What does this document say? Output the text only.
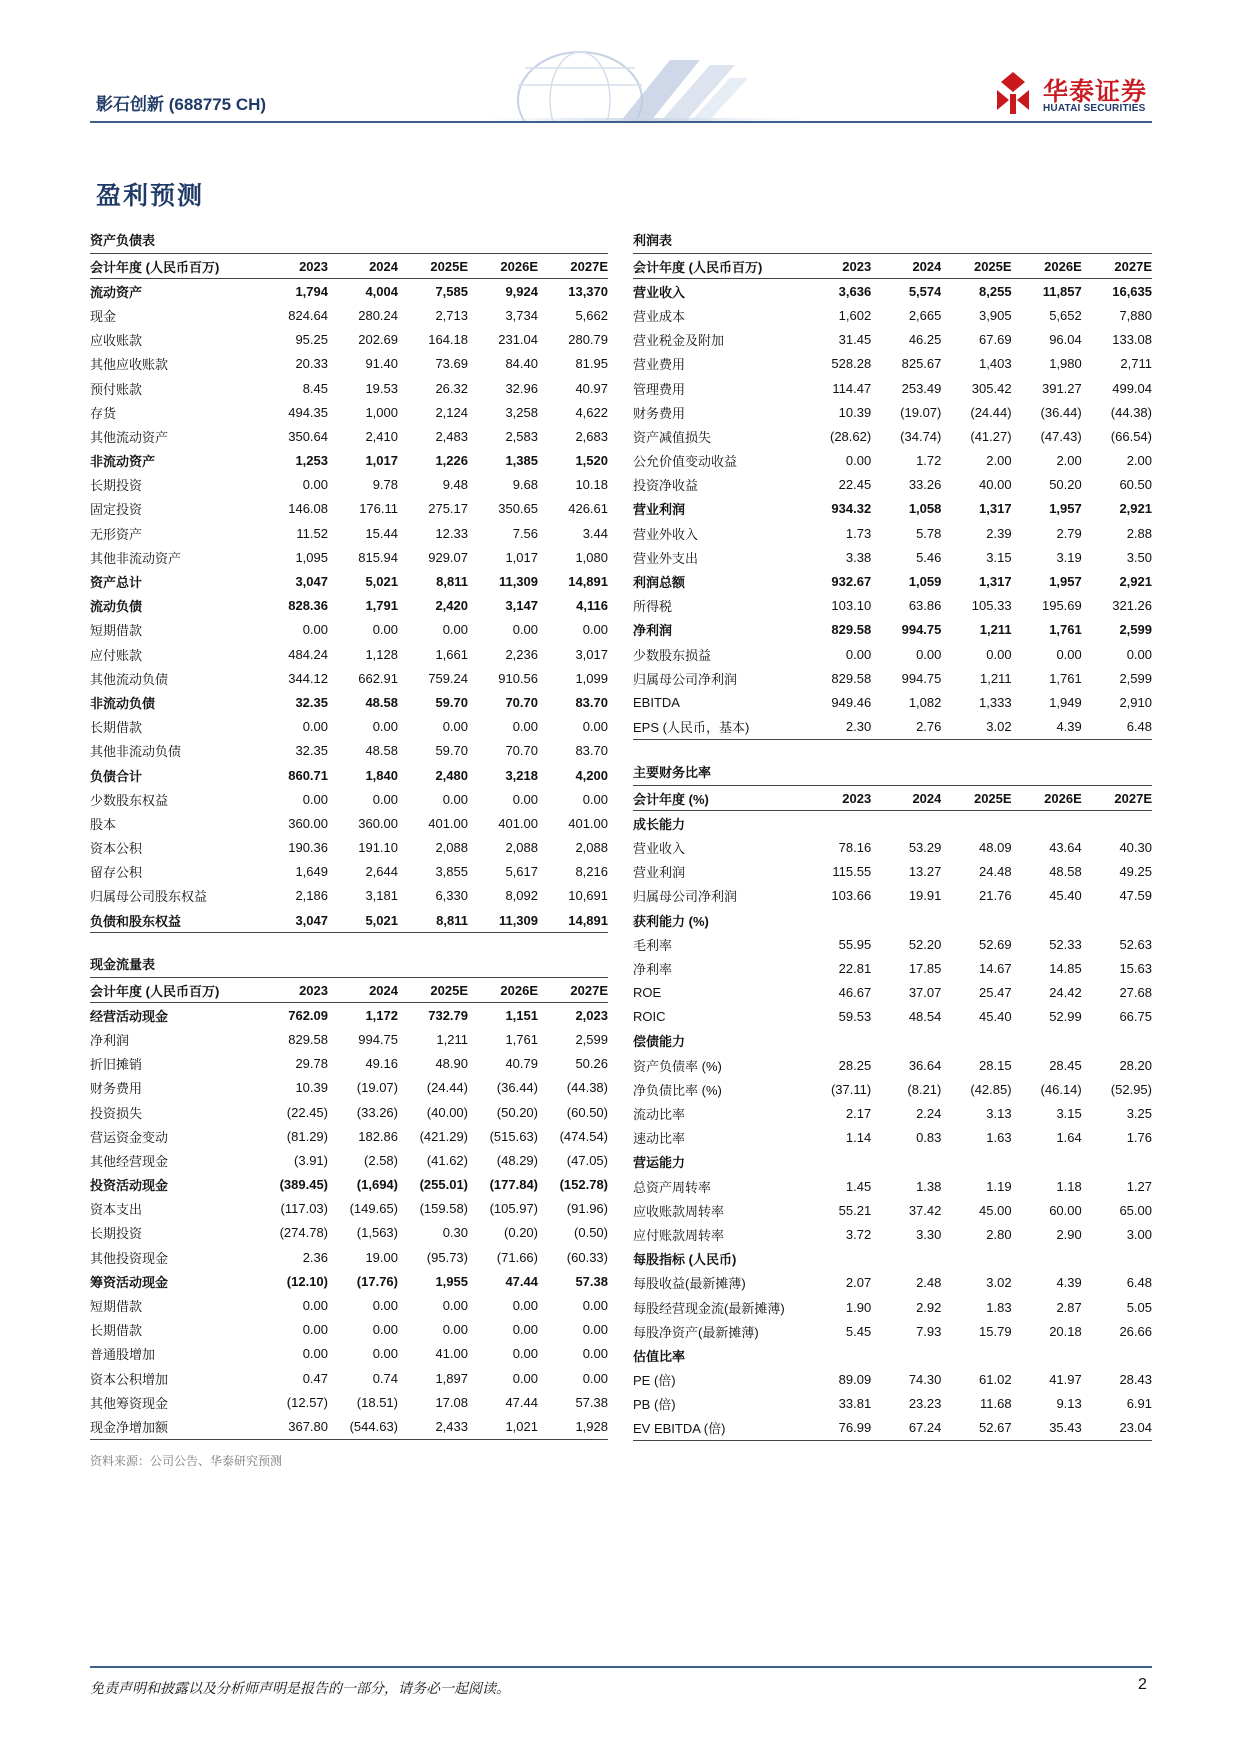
影石创新 (688775 CH)	华泰证券
HUATAI SECURITIES
盈利预测
资产负债表
会计年度 (人民币百万)	2023	2024	2025E	2026E	2027E
流动资产	1,794	4,004	7,585	9,924	13,370
现金	824.64	280.24	2,713	3,734	5,662
应收账款	95.25	202.69	164.18	231.04	280.79
其他应收账款	20.33	91.40	73.69	84.40	81.95
预付账款	8.45	19.53	26.32	32.96	40.97
存货	494.35	1,000	2,124	3,258	4,622
其他流动资产	350.64	2,410	2,483	2,583	2,683
非流动资产	1,253	1,017	1,226	1,385	1,520
长期投资	0.00	9.78	9.48	9.68	10.18
固定投资	146.08	176.11	275.17	350.65	426.61
无形资产	11.52	15.44	12.33	7.56	3.44
其他非流动资产	1,095	815.94	929.07	1,017	1,080
资产总计	3,047	5,021	8,811	11,309	14,891
流动负债	828.36	1,791	2,420	3,147	4,116
短期借款	0.00	0.00	0.00	0.00	0.00
应付账款	484.24	1,128	1,661	2,236	3,017
其他流动负债	344.12	662.91	759.24	910.56	1,099
非流动负债	32.35	48.58	59.70	70.70	83.70
长期借款	0.00	0.00	0.00	0.00	0.00
其他非流动负债	32.35	48.58	59.70	70.70	83.70
负债合计	860.71	1,840	2,480	3,218	4,200
少数股东权益	0.00	0.00	0.00	0.00	0.00
股本	360.00	360.00	401.00	401.00	401.00
资本公积	190.36	191.10	2,088	2,088	2,088
留存公积	1,649	2,644	3,855	5,617	8,216
归属母公司股东权益	2,186	3,181	6,330	8,092	10,691
负债和股东权益	3,047	5,021	8,811	11,309	14,891
现金流量表
会计年度 (人民币百万)	2023	2024	2025E	2026E	2027E
经营活动现金	762.09	1,172	732.79	1,151	2,023
净利润	829.58	994.75	1,211	1,761	2,599
折旧摊销	29.78	49.16	48.90	40.79	50.26
财务费用	10.39	(19.07)	(24.44)	(36.44)	(44.38)
投资损失	(22.45)	(33.26)	(40.00)	(50.20)	(60.50)
营运资金变动	(81.29)	182.86	(421.29)	(515.63)	(474.54)
其他经营现金	(3.91)	(2.58)	(41.62)	(48.29)	(47.05)
投资活动现金	(389.45)	(1,694)	(255.01)	(177.84)	(152.78)
资本支出	(117.03)	(149.65)	(159.58)	(105.97)	(91.96)
长期投资	(274.78)	(1,563)	0.30	(0.20)	(0.50)
其他投资现金	2.36	19.00	(95.73)	(71.66)	(60.33)
筹资活动现金	(12.10)	(17.76)	1,955	47.44	57.38
短期借款	0.00	0.00	0.00	0.00	0.00
长期借款	0.00	0.00	0.00	0.00	0.00
普通股增加	0.00	0.00	41.00	0.00	0.00
资本公积增加	0.47	0.74	1,897	0.00	0.00
其他筹资现金	(12.57)	(18.51)	17.08	47.44	57.38
现金净增加额	367.80	(544.63)	2,433	1,021	1,928
利润表
会计年度 (人民币百万)	2023	2024	2025E	2026E	2027E
营业收入	3,636	5,574	8,255	11,857	16,635
营业成本	1,602	2,665	3,905	5,652	7,880
营业税金及附加	31.45	46.25	67.69	96.04	133.08
营业费用	528.28	825.67	1,403	1,980	2,711
管理费用	114.47	253.49	305.42	391.27	499.04
财务费用	10.39	(19.07)	(24.44)	(36.44)	(44.38)
资产减值损失	(28.62)	(34.74)	(41.27)	(47.43)	(66.54)
公允价值变动收益	0.00	1.72	2.00	2.00	2.00
投资净收益	22.45	33.26	40.00	50.20	60.50
营业利润	934.32	1,058	1,317	1,957	2,921
营业外收入	1.73	5.78	2.39	2.79	2.88
营业外支出	3.38	5.46	3.15	3.19	3.50
利润总额	932.67	1,059	1,317	1,957	2,921
所得税	103.10	63.86	105.33	195.69	321.26
净利润	829.58	994.75	1,211	1,761	2,599
少数股东损益	0.00	0.00	0.00	0.00	0.00
归属母公司净利润	829.58	994.75	1,211	1,761	2,599
EBITDA	949.46	1,082	1,333	1,949	2,910
EPS (人民币，基本)	2.30	2.76	3.02	4.39	6.48
主要财务比率
会计年度 (%)	2023	2024	2025E	2026E	2027E
成长能力					
营业收入	78.16	53.29	48.09	43.64	40.30
营业利润	115.55	13.27	24.48	48.58	49.25
归属母公司净利润	103.66	19.91	21.76	45.40	47.59
获利能力 (%)					
毛利率	55.95	52.20	52.69	52.33	52.63
净利率	22.81	17.85	14.67	14.85	15.63
ROE	46.67	37.07	25.47	24.42	27.68
ROIC	59.53	48.54	45.40	52.99	66.75
偿债能力					
资产负债率 (%)	28.25	36.64	28.15	28.45	28.20
净负债比率 (%)	(37.11)	(8.21)	(42.85)	(46.14)	(52.95)
流动比率	2.17	2.24	3.13	3.15	3.25
速动比率	1.14	0.83	1.63	1.64	1.76
营运能力					
总资产周转率	1.45	1.38	1.19	1.18	1.27
应收账款周转率	55.21	37.42	45.00	60.00	65.00
应付账款周转率	3.72	3.30	2.80	2.90	3.00
每股指标 (人民币)					
每股收益(最新摊薄)	2.07	2.48	3.02	4.39	6.48
每股经营现金流(最新摊薄)	1.90	2.92	1.83	2.87	5.05
每股净资产(最新摊薄)	5.45	7.93	15.79	20.18	26.66
估值比率					
PE (倍)	89.09	74.30	61.02	41.97	28.43
PB (倍)	33.81	23.23	11.68	9.13	6.91
EV EBITDA (倍)	76.99	67.24	52.67	35.43	23.04
资料来源：公司公告、华泰研究预测
免责声明和披露以及分析师声明是报告的一部分，请务必一起阅读。	2
